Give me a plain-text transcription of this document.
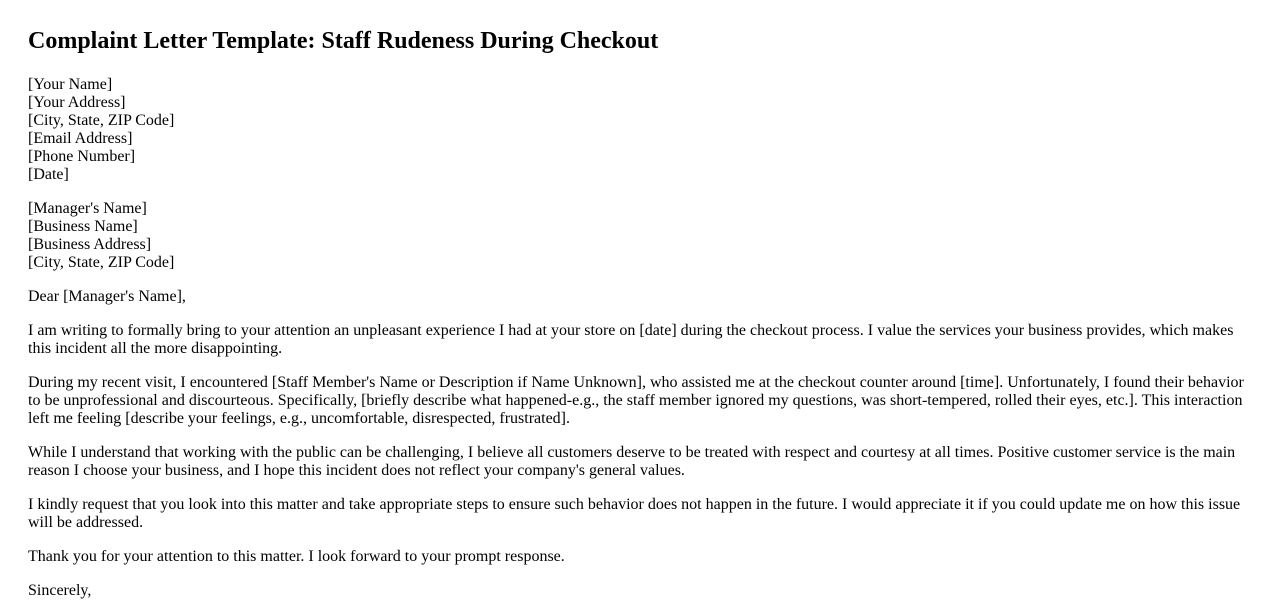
Complaint Letter Template: Staff Rudeness During Checkout
[Your Name]
[Your Address]
[City, State, ZIP Code]
[Email Address]
[Phone Number]
[Date]
[Manager's Name]
[Business Name]
[Business Address]
[City, State, ZIP Code]

Dear [Manager's Name],

I am writing to formally bring to your attention an unpleasant experience I had at your store on [date] during the checkout process. I value the services your business provides, which makes this incident all the more disappointing.

During my recent visit, I encountered [Staff Member's Name or Description if Name Unknown], who assisted me at the checkout counter around [time]. Unfortunately, I found their behavior to be unprofessional and discourteous. Specifically, [briefly describe what happened-e.g., the staff member ignored my questions, was short-tempered, rolled their eyes, etc.]. This interaction left me feeling [describe your feelings, e.g., uncomfortable, disrespected, frustrated].

While I understand that working with the public can be challenging, I believe all customers deserve to be treated with respect and courtesy at all times. Positive customer service is the main reason I choose your business, and I hope this incident does not reflect your company's general values.

I kindly request that you look into this matter and take appropriate steps to ensure such behavior does not happen in the future. I would appreciate it if you could update me on how this issue will be addressed.

Thank you for your attention to this matter. I look forward to your prompt response.

Sincerely,
